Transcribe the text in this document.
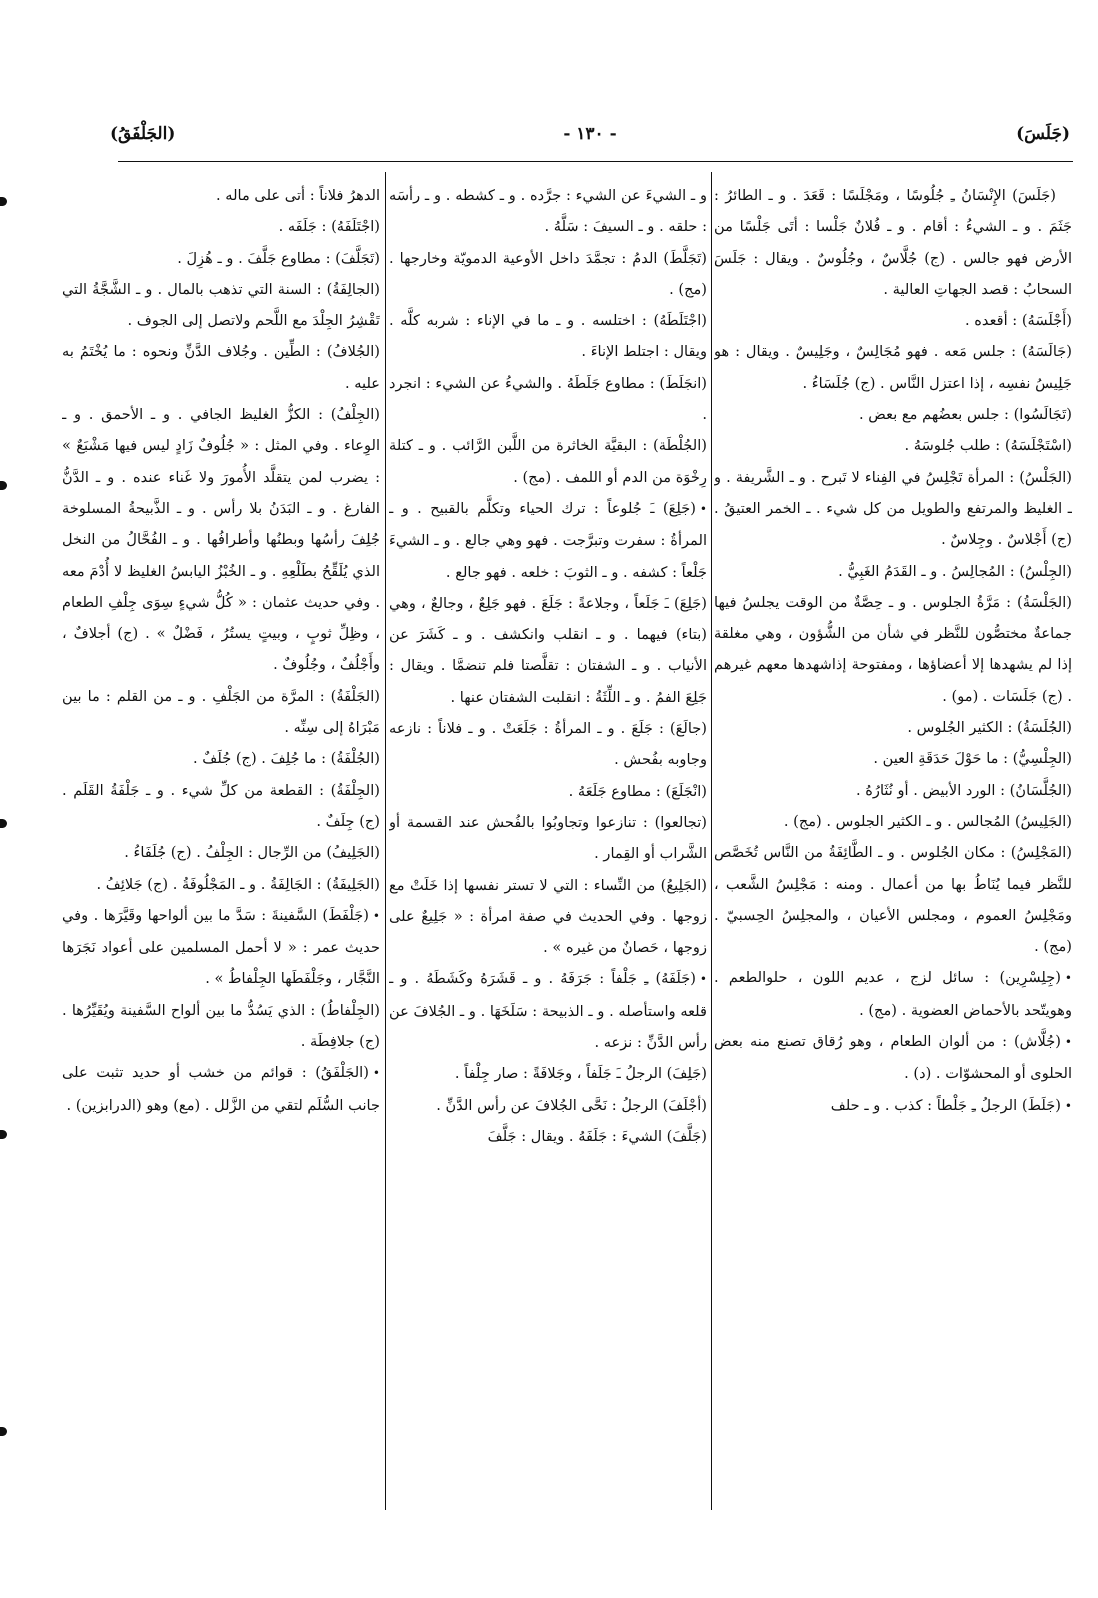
(جَلَسَ)
- ١٣٠ -
(الجَلْفَقُ)

(جَلَسَ) الإِنْسَانُ ـِ جُلُوسًا ، ومَجْلَسًا : قَعَدَ . و ـ الطائرُ : جَثَمَ . و ـ الشيءُ : أقام . و ـ فُلانٌ جَلْسا : أتَى جَلْسًا من الأرض فهو جالس . (ج) جُلَّاسٌ ، وجُلُوسٌ . ويقال : جَلَسَ السحابُ : قصد الجهاتِ العالية .

(أَجْلَسَهُ) : أقعده .

(جَالَسَهُ) : جلس مَعه . فهو مُجَالِسٌ ، وجَلِيسٌ . ويقال : هو جَلِيسُ نفسِه ، إذا اعتزل النَّاس . (ج) جُلَسَاءُ .

(تَجَالَسُوا) : جلس بعضُهم مع بعض .

(اسْتَجْلَسَهُ) : طلب جُلوسَهُ .

(الجَلْسُ) : المرأة تَجْلِسُ في الفِناء لا تَبرح . و ـ الشَّريفة . و ـ الغليظ والمرتفع والطويل من كل شيء . ـ الخمر العتيقُ . (ج) أَجْلاسٌ . وجِلاسٌ .

(الجِلْسُ) : المُجالِسُ . و ـ القَدَمُ الغَبِيُّ .

(الجَلْسَةُ) : مَرَّةُ الجلوس . و ـ حِصَّةٌ من الوقت يجلسُ فيها جماعةٌ مختصُّون للنَّظر في شأن من الشُّؤون ، وهي مغلقة إذا لم يشهدها إلا أعضاؤها ، ومفتوحة إذاشهدها معهم غيرهم . (ج) جَلَسَات . (مو) .

(الجُلَسَةُ) : الكثير الجُلوس .

(الجِلْسِيُّ) : ما حَوْلَ حَدَقَةِ العين .

(الجُلَّسَانُ) : الورد الأبيض . أو نُثَارُهُ .

(الجَلِيسُ) المُجالس . و ـ الكثير الجلوس . (مج) .

(المَجْلِسُ) : مكان الجُلوس . و ـ الطَّائِفَةُ من النَّاس تُخَصَّص للنَّظر فيما يُنَاطُ بها من أعمال . ومنه : مَجْلِسُ الشَّعب ، ومَجْلِسُ العموم ، ومجلس الأعيان ، والمجلِسُ الحِسبيّ . (مج) .

•(جِلِسْرِين) : سائل لزج ، عديم اللون ، حلوالطعم . وهويتّحد بالأحماض العضوية . (مج) .

•(جُلَّاش) : من ألوان الطعام ، وهو رُقاق تصنع منه بعض الحلوى أو المحشوّات . (د) .

•(جَلَطَ) الرجلُ ـِ جَلْطاً : كذب . و ـ حلف

و ـ الشيءَ عن الشيء : جرَّده . و ـ كشطه . و ـ رأسَه : حلقه . و ـ السيفَ : سَلَّهُ .

(تَجَلَّطَ) الدمُ : تجمَّدَ داخل الأوعية الدمويّة وخارجها . (مج) .

(اجْتَلَطَهُ) : اختلسه . و ـ ما في الإناء : شربه كلَّه . ويقال : اجتلط الإناءَ .

(انجَلَطَ) : مطاوع جَلَطَهُ . والشيءُ عن الشيء : انجرد .

(الجُلْطَة) : البقيَّة الخاثرة من اللَّبن الرَّائب . و ـ كتلة رِخْوَة من الدم أو اللمف . (مج) .

•(جَلِعَ) ـَ جُلوعاً : ترك الحياء وتكلَّم بالقبيح . و ـ المرأةُ : سفرت وتبرَّجت . فهو وهي جالع . و ـ الشيءَ جَلْعاً : كشفه . و ـ الثوبَ : خلعه . فهو جالع .

(جَلِعَ) ـَ جَلَعاً ، وجلاعةً : جَلَعَ . فهو جَلِعٌ ، وجالعٌ ، وهي (بتاء) فيهما . و ـ انقلب وانكشف . و ـ كَشَرَ عن الأنياب . و ـ الشفتان : تقلَّصتا فلم تنضمَّا . ويقال : جَلِعَ الفمُ . و ـ اللِّثَةُ : انقلبت الشفتان عنها .

(جالَعَ) : جَلَعَ . و ـ المرأةُ : جَلَعَتْ . و ـ فلاناً : نازعه وجاوبه بفُحش .

(انْجَلَعَ) : مطاوع جَلَعَهُ .

(تجالعوا) : تنازعوا وتجاوبُوا بالفُحش عند القسمة أو الشَّراب أو القِمار .

(الجَلِيعُ) من النِّساء : التي لا تستر نفسها إذا خَلَتْ مع زوجها . وفي الحديث في صفة امرأة : « جَلِيعٌ على زوجها ، حَصانٌ من غيره » .

•(جَلَفَهُ) ـِ جَلْفاً : جَرَفَهُ . و ـ قَشَرَهُ وكَشَطَهُ . و ـ قلعه واستأصله . و ـ الذبيحة : سَلَخَهَا . و ـ الجُلافَ عن رأس الدَّنِّ : نزعه .

(جَلِفَ) الرجلُ ـَ جَلَفاً ، وجَلافَةً : صار جِلْفاً .

(أجْلَفَ) الرجلُ : نَحَّى الجُلافَ عن رأس الدَّنِّ .

(جَلَّفَ) الشيءَ : جَلَفَهُ . ويقال : جَلَّفَ

الدهرُ فلاناً : أتى على ماله .

(اجْتَلَفَهُ) : جَلَفَه .

(تَجَلَّفَ) : مطاوع جَلَّفَ . و ـ هُزِلَ .

(الجالِفَةُ) : السنة التي تذهب بالمال . و ـ الشَّجَّةُ التي تَقْشِرُ الجِلْدَ مع اللَّحم ولاتصل إلى الجوف .

(الجُلافُ) : الطِّين . وجُلاف الدَّنِّ ونحوه : ما يُخْتَمُ به عليه .

(الجِلْفُ) : الكزُّ الغليظ الجافي . و ـ الأحمق . و ـ الوِعاء . وفي المثل : « جُلُوفٌ زَادٍ ليس فيها مَشْبَعٌ » : يضرب لمن يتقلَّد الأُمورَ ولا غَناء عنده . و ـ الدَّنُّ الفارغ . و ـ البَدَنُ بلا رأس . و ـ الذَّبيحةُ المسلوخة جُلِفَ رأسُها وبطنُها وأطرافُها . و ـ الفُحَّالُ من النخل الذي يُلَقِّحُ بطَلْعِهِ . و ـ الخُبْزُ اليابسُ الغليظ لا أُدْمَ معه . وفي حديث عثمان : « كُلُّ شيءٍ سِوَى جِلْفِ الطعام ، وظِلِّ ثوبٍ ، وبيتٍ يستُرُ ، فَضْلٌ » . (ج) أجلافٌ ، وأَجْلُفٌ ، وجُلُوفٌ .

(الجَلْفَةُ) : المرَّة من الجَلْفِ . و ـ من القلم : ما بين مَبْرَاهُ إلى سِنِّه .

(الجُلْفَةُ) : ما جُلِفَ . (ج) جُلَفٌ .

(الجِلْفَةُ) : القطعة من كلِّ شيء . و ـ جَلْفَةُ القَلَم . (ج) جِلَفٌ .

(الجَلِيفُ) من الرِّجال : الجِلْفُ . (ج) جُلَفَاءُ .

(الجَلِيفَةُ) : الجَالِفَةُ . و ـ المَجْلُوفَةُ . (ج) جَلائِفُ .

•(جَلْفَطَ) السَّفينةَ : سَدَّ ما بين ألواحها وقَيَّرَها . وفي حديث عمر : « لا أحمل المسلمين على أعواد نَجَرَها النَّجَّار ، وجَلْفَطَها الجِلْفاطُ » .

(الجِلْفاطُ) : الذي يَسُدُّ ما بين ألواح السَّفينة ويُقَيِّرُها . (ج) جلافِطَة .

•(الجَلْفَقُ) : قوائم من خشب أو حديد تثبت على جانب السُّلَم لتقي من الزَّلل . (مع) وهو (الدرابزين) .
